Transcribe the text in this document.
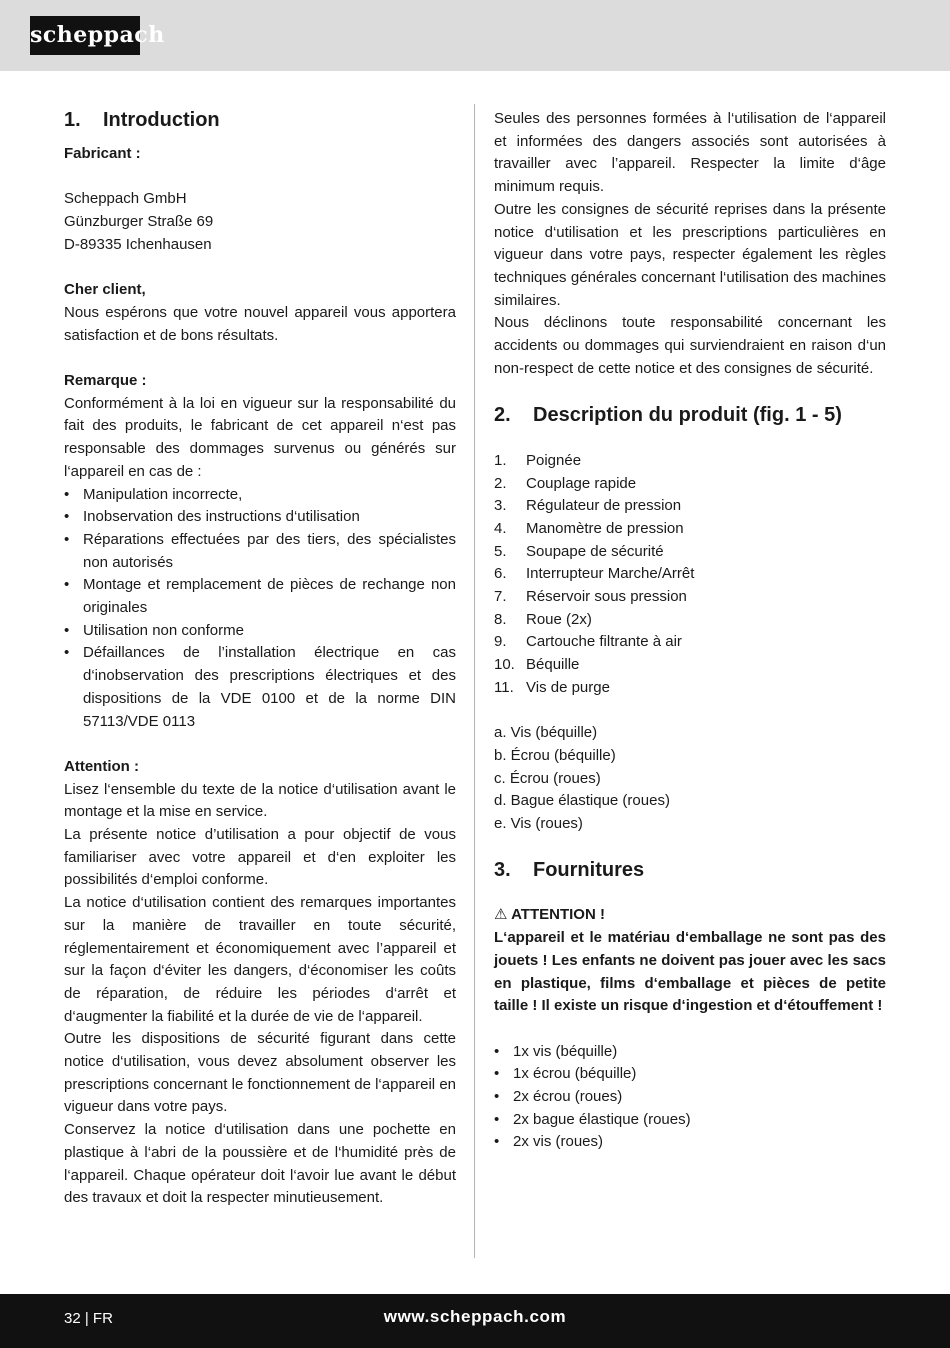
scheppach
1.	Introduction

Fabricant :

Scheppach GmbH

Günzburger Straße 69

D-89335 Ichenhausen

Cher client,

Nous espérons que votre nouvel appareil vous apportera satisfaction et de bons résultats.

Remarque :

Conformément à la loi en vigueur sur la responsabilité du fait des produits, le fabricant de cet appareil n‘est pas responsable des dommages survenus ou générés sur l‘appareil en cas de :

• Manipulation incorrecte,
• Inobservation des instructions d‘utilisation
• Réparations effectuées par des tiers, des spécialistes non autorisés
• Montage et remplacement de pièces de rechange non originales
• Utilisation non conforme
• Défaillances de l’installation électrique en cas d‘inobservation des prescriptions électriques et des dispositions de la VDE 0100 et de la norme DIN 57113/VDE 0113

Attention :

Lisez l‘ensemble du texte de la notice d‘utilisation avant le montage et la mise en service.

La présente notice d’utilisation a pour objectif de vous familiariser avec votre appareil et d‘en exploiter les possibilités d‘emploi conforme.

La notice d‘utilisation contient des remarques importantes sur la manière de travailler en toute sécurité, réglementairement et économiquement avec l’appareil et sur la façon d‘éviter les dangers, d‘économiser les coûts de réparation, de réduire les périodes d‘arrêt et d‘augmenter la fiabilité et la durée de vie de l‘appareil.

Outre les dispositions de sécurité figurant dans cette notice d‘utilisation, vous devez absolument observer les prescriptions concernant le fonctionnement de l‘appareil en vigueur dans votre pays.

Conservez la notice d‘utilisation dans une pochette en plastique à l‘abri de la poussière et de l‘humidité près de l‘appareil. Chaque opérateur doit l‘avoir lue avant le début des travaux et doit la respecter minutieusement.

Seules des personnes formées à l‘utilisation de l‘appareil et informées des dangers associés sont autorisées à travailler avec l’appareil. Respecter la limite d‘âge minimum requis.

Outre les consignes de sécurité reprises dans la présente notice d‘utilisation et les prescriptions particulières en vigueur dans votre pays, respecter également les règles techniques générales concernant l‘utilisation des machines similaires.

Nous déclinons toute responsabilité concernant les accidents ou dommages qui surviendraient en raison d‘un non-respect de cette notice et des consignes de sécurité.

2.	Description du produit (fig. 1 - 5)
1.	Poignée
2.	Couplage rapide
3.	Régulateur de pression
4.	Manomètre de pression
5.	Soupape de sécurité
6.	Interrupteur Marche/Arrêt
7.	Réservoir sous pression
8.	Roue (2x)
9.	Cartouche filtrante à air
10. Béquille
11. Vis de purge
a. Vis (béquille)
b. Écrou (béquille)
c. Écrou (roues)
d. Bague élastique (roues)
e. Vis (roues)
3.	Fournitures

⚠ ATTENTION !

L‘appareil et le matériau d‘emballage ne sont pas des jouets ! Les enfants ne doivent pas jouer avec les sacs en plastique, films d‘emballage et pièces de petite taille ! Il existe un risque d‘ingestion et d‘étouffement !

• 1x vis (béquille)
• 1x écrou (béquille)
• 2x écrou (roues)
• 2x bague élastique (roues)
• 2x vis (roues)
32 | FR	www.scheppach.com
